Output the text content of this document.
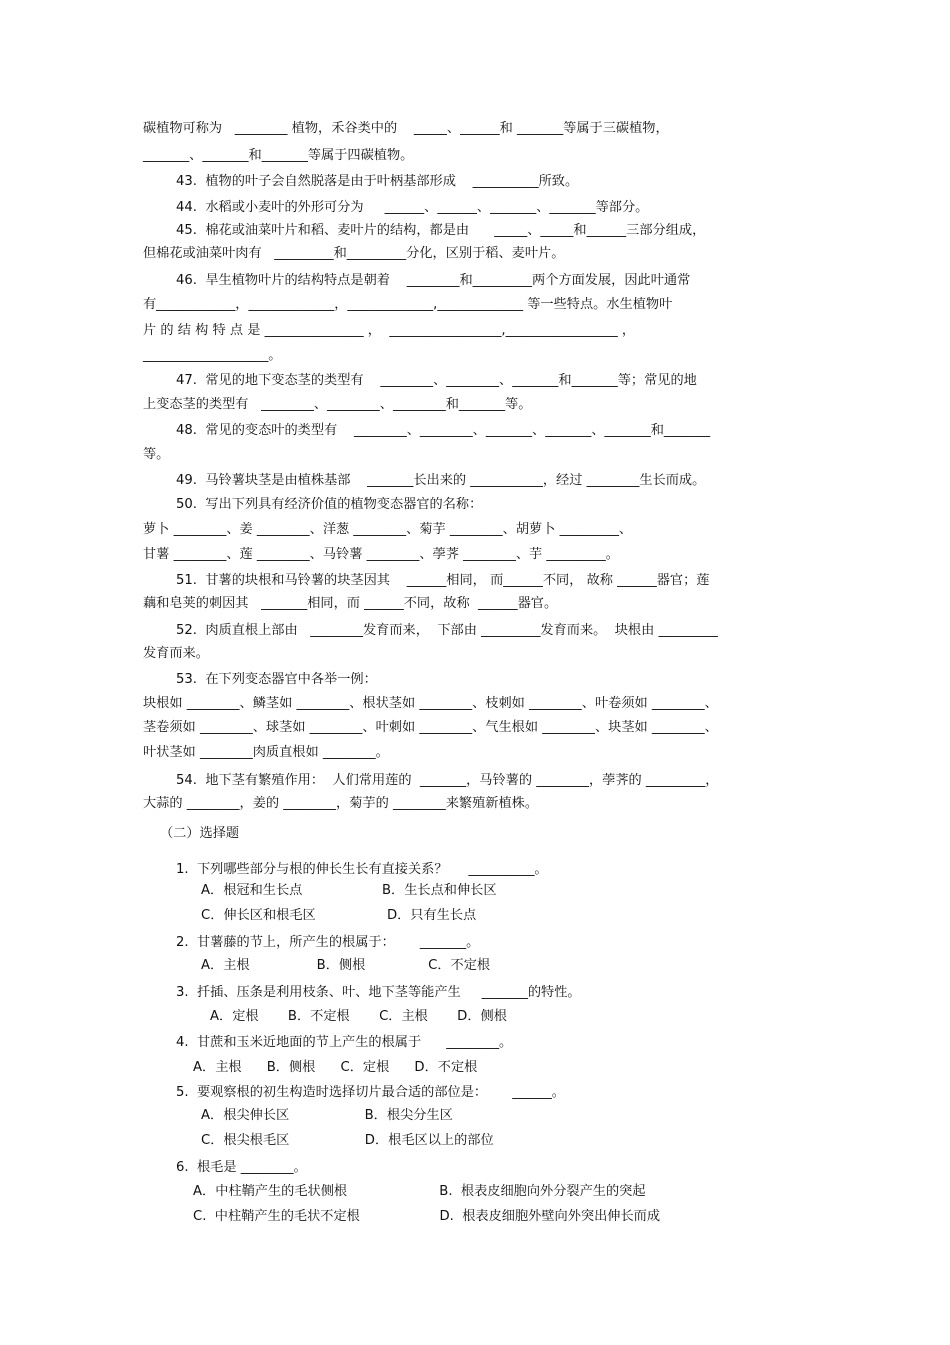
碳植物可称为   ________ 植物，禾谷类中的    _____、______和 _______等属于三碳植物，

_______、_______和_______等属于四碳植物。

43.  植物的叶子会自然脱落是由于叶柄基部形成    __________所致。

44.  水稻或小麦叶的外形可分为     ______、______、_______、_______等部分。

45.  棉花或油菜叶片和稻、麦叶片的结构，都是由      _____、_____和______三部分组成，

但棉花或油菜叶肉有   _________和_________分化，区别于稻、麦叶片。

46.  旱生植物叶片的结构特点是朝着    ________和_________两个方面发展，因此叶通常

有____________，_____________，_____________,_____________ 等一些特点。水生植物叶

片 的 结 构 特 点 是 _______________ ，  _________________,_________________ ，

___________________。

47.  常见的地下变态茎的类型有    ________、________、_______和_______等；常见的地

上变态茎的类型有   ________、________、________和_______等。

48.  常见的变态叶的类型有    ________、________、_______、_______、_______和_______

等。

49.  马铃薯块茎是由植株基部    _______长出来的 ___________，经过 ________生长而成。

50.  写出下列具有经济价值的植物变态器官的名称：

萝卜 ________、姜 ________、洋葱 ________、菊芋 ________、胡萝卜 _________、

甘薯 ________、莲 ________、马铃薯 ________、荸荠 ________、芋 _________。

51.  甘薯的块根和马铃薯的块茎因其    ______相同， 而______不同， 故称 ______器官；莲

藕和皂荚的刺因其   _______相同，而 ______不同，故称  ______器官。

52.  肉质直根上部由   ________发育而来，  下部由 _________发育而来。  块根由 _________

发育而来。

53.  在下列变态器官中各举一例：

块根如 ________、鳞茎如 ________、根状茎如 ________、枝刺如 ________、叶卷须如 ________、

茎卷须如 ________、球茎如 ________、叶刺如 ________、气生根如 ________、块茎如 ________、

叶状茎如 ________肉质直根如 ________。

54.  地下茎有繁殖作用：  人们常用莲的  _______，马铃薯的 ________，荸荠的 _________，

大蒜的 ________，姜的 ________，菊芋的 ________来繁殖新植株。

（二）选择题

1.  下列哪些部分与根的伸长生长有直接关系？     __________。

A．根冠和生长点                   B．生长点和伸长区

C．伸长区和根毛区                 D．只有生长点

2.  甘薯藤的节上，所产生的根属于：      _______。

A．主根                B．侧根               C．不定根

3.  扦插、压条是利用枝条、叶、地下茎等能产生     _______的特性。

A．定根       B．不定根       C．主根       D．侧根

4.  甘蔗和玉米近地面的节上产生的根属于      ________。

A．主根      B．侧根      C．定根      D．不定根

5.  要观察根的初生构造时选择切片最合适的部位是：      ______。

A．根尖伸长区                  B．根尖分生区

C．根尖根毛区                  D．根毛区以上的部位

6.  根毛是 ________。

A．中柱鞘产生的毛状侧根                      B.  根表皮细胞向外分裂产生的突起

C.  中柱鞘产生的毛状不定根                   D.  根表皮细胞外壁向外突出伸长而成
